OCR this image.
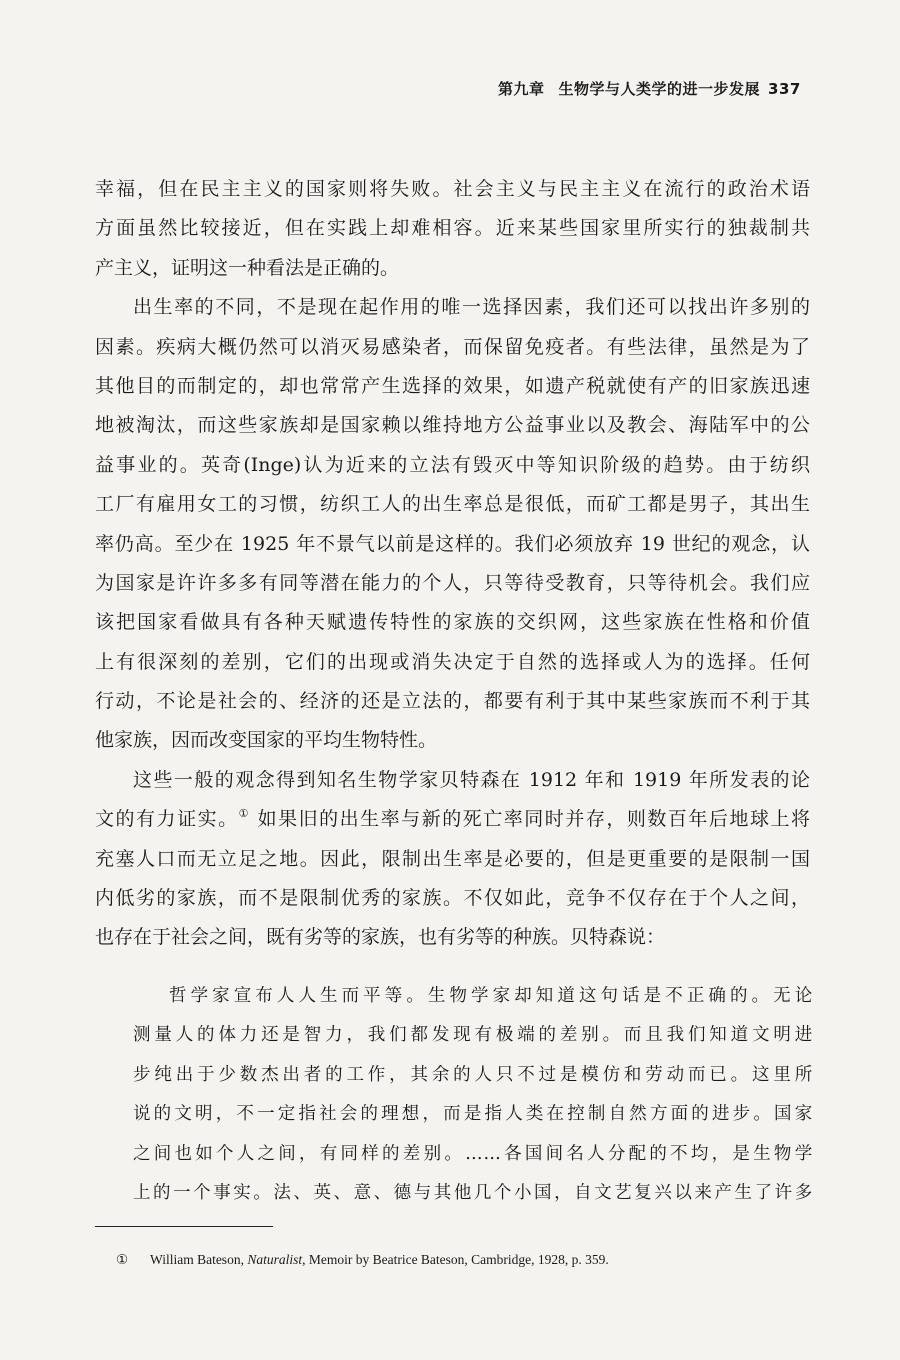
第九章 生物学与人类学的进一步发展 337
幸福，但在民主主义的国家则将失败。社会主义与民主主义在流行的政治术语
方面虽然比较接近，但在实践上却难相容。近来某些国家里所实行的独裁制共
产主义，证明这一种看法是正确的。
出生率的不同，不是现在起作用的唯一选择因素，我们还可以找出许多别的
因素。疾病大概仍然可以消灭易感染者，而保留免疫者。有些法律，虽然是为了
其他目的而制定的，却也常常产生选择的效果，如遗产税就使有产的旧家族迅速
地被淘汰，而这些家族却是国家赖以维持地方公益事业以及教会、海陆军中的公
益事业的。英奇(Inge)认为近来的立法有毁灭中等知识阶级的趋势。由于纺织
工厂有雇用女工的习惯，纺织工人的出生率总是很低，而矿工都是男子，其出生
率仍高。至少在 1925 年不景气以前是这样的。我们必须放弃 19 世纪的观念，认
为国家是许许多多有同等潜在能力的个人，只等待受教育，只等待机会。我们应
该把国家看做具有各种天赋遗传特性的家族的交织网，这些家族在性格和价值
上有很深刻的差别，它们的出现或消失决定于自然的选择或人为的选择。任何
行动，不论是社会的、经济的还是立法的，都要有利于其中某些家族而不利于其
他家族，因而改变国家的平均生物特性。
这些一般的观念得到知名生物学家贝特森在 1912 年和 1919 年所发表的论
文的有力证实。① 如果旧的出生率与新的死亡率同时并存，则数百年后地球上将
充塞人口而无立足之地。因此，限制出生率是必要的，但是更重要的是限制一国
内低劣的家族，而不是限制优秀的家族。不仅如此，竞争不仅存在于个人之间，
也存在于社会之间，既有劣等的家族，也有劣等的种族。贝特森说：
哲学家宣布人人生而平等。生物学家却知道这句话是不正确的。无论
测量人的体力还是智力，我们都发现有极端的差别。而且我们知道文明进
步纯出于少数杰出者的工作，其余的人只不过是模仿和劳动而已。这里所
说的文明，不一定指社会的理想，而是指人类在控制自然方面的进步。国家
之间也如个人之间，有同样的差别。……各国间名人分配的不均，是生物学
上的一个事实。法、英、意、德与其他几个小国，自文艺复兴以来产生了许多
① William Bateson, Naturalist, Memoir by Beatrice Bateson, Cambridge, 1928, p. 359.
